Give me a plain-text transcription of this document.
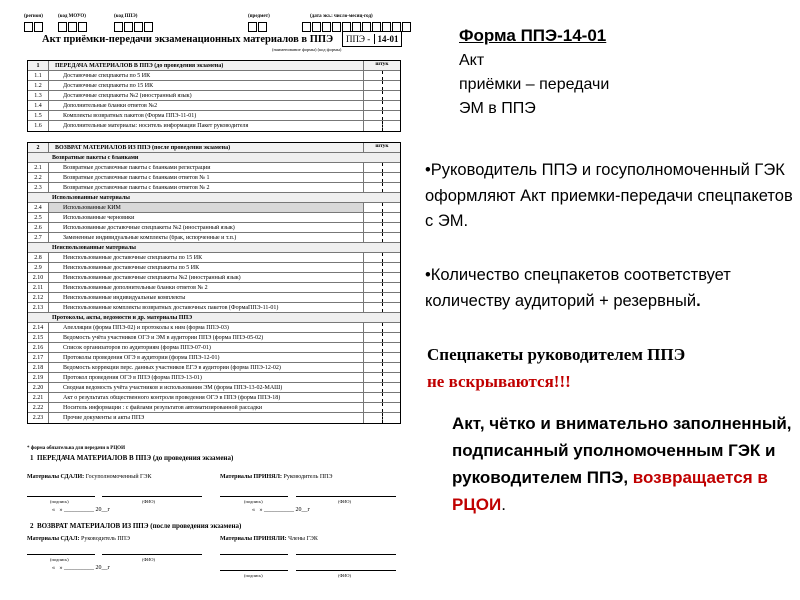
(регион)	(код МОУО)	(код ППЭ)	(предмет)	(дата экз.: число-месяц-год)
Акт приёмки-передачи экзаменационных материалов в ППЭ	ППЭ - 14-01
(наименование формы) (код формы)
1	ПЕРЕДАЧА МАТЕРИАЛОВ В ППЭ (до проведения экзамена)	штук
1.1	Доставочные спецпакеты по 5 ИК
1.2	Доставочные спецпакеты по 15 ИК
1.3	Доставочные спецпакеты №2 (иностранный язык)
1.4	Дополнительные бланки ответов №2
1.5	Комплекты возвратных пакетов (Форма ППЭ-11-01)
1.6	Дополнительные материалы: носитель информации Пакет руководителя
2	ВОЗВРАТ МАТЕРИАЛОВ ИЗ ППЭ (после проведения экзамена)	штук
Возвратные пакеты с бланками
2.1	Возвратные доставочные пакеты с бланками регистрации
2.2	Возвратные доставочные пакеты с бланками ответов № 1
2.3	Возвратные доставочные пакеты с бланками ответов № 2
Использованные материалы
2.4	Использованные КИМ
2.5	Использованные черновики
2.6	Использованные доставочные спецпакеты №2 (иностранный язык)
2.7	Замененные индивидуальные комплекты (брак, испорченные и т.п.)
Неиспользованные материалы
2.8	Неиспользованные доставочные спецпакеты по 15 ИК
2.9	Неиспользованные доставочные спецпакеты по 5 ИК
2.10	Неиспользованные доставочные спецпакеты №2 (иностранный язык)
2.11	Неиспользованные дополнительные бланки ответов № 2
2.12	Неиспользованные индивидуальные комплекты
2.13	Неиспользованные комплекты возвратных доставочных пакетов (ФормаППЭ-11-01)
Протоколы, акты, ведомости и др. материалы ППЭ
2.14	Апелляции (форма ППЭ-02) и протоколы к ним (форма ППЭ-03)
2.15	Ведомость учёта участников ОГЭ и ЭМ в аудитории ППЭ (форма ППЭ-05-02)
2.16	Список организаторов по аудиториям (форма ППЭ-07-01)
2.17	Протоколы проведения ОГЭ в аудитории (форма ППЭ-12-01)
2.18	Ведомость коррекции перс. данных участников ЕГЭ в аудитории (форма ППЭ-12-02)
2.19	Протокол проведения ОГЭ в ППЭ (форма ППЭ-13-01)
2.20	Сводная ведомость учёта участников и использования ЭМ (форма ППЭ-13-02-МАШ)
2.21	Акт о результатах общественного контроля проведения ОГЭ в ППЭ (форма ППЭ-18)
2.22	Носитель информации : с файлами результатов автоматизированной рассадки
2.23	Прочие документы и акты ППЭ
* форма обязательна для передачи в РЦОИ
1 ПЕРЕДАЧА МАТЕРИАЛОВ В ППЭ (до проведения экзамена)
Материалы СДАЛИ: Госуполномоченный ГЭК	Материалы ПРИНЯЛ: Руководитель ППЭ
(подпись)	(ФИО)	(подпись)	(ФИО)
« » __________ 20__г	« » __________ 20__г
2 ВОЗВРАТ МАТЕРИАЛОВ ИЗ ППЭ (после проведения экзамена)
Материалы СДАЛ: Руководитель ППЭ	Материалы ПРИНЯЛИ: Члены ГЭК
(подпись)	(ФИО)
« » __________ 20__г
(подпись)	(ФИО)
Форма ППЭ-14-01
Акт
приёмки – передачи
ЭМ в ППЭ
•Руководитель ППЭ и госуполномоченный ГЭК оформляют Акт приемки-передачи спецпакетов с ЭМ.
•Количество спецпакетов соответствует количеству аудиторий + резервный.
Спецпакеты руководителем ППЭ
не вскрываются!!!
Акт, чётко и внимательно заполненный, подписанный уполномоченным ГЭК и руководителем ППЭ, возвращается в РЦОИ.
